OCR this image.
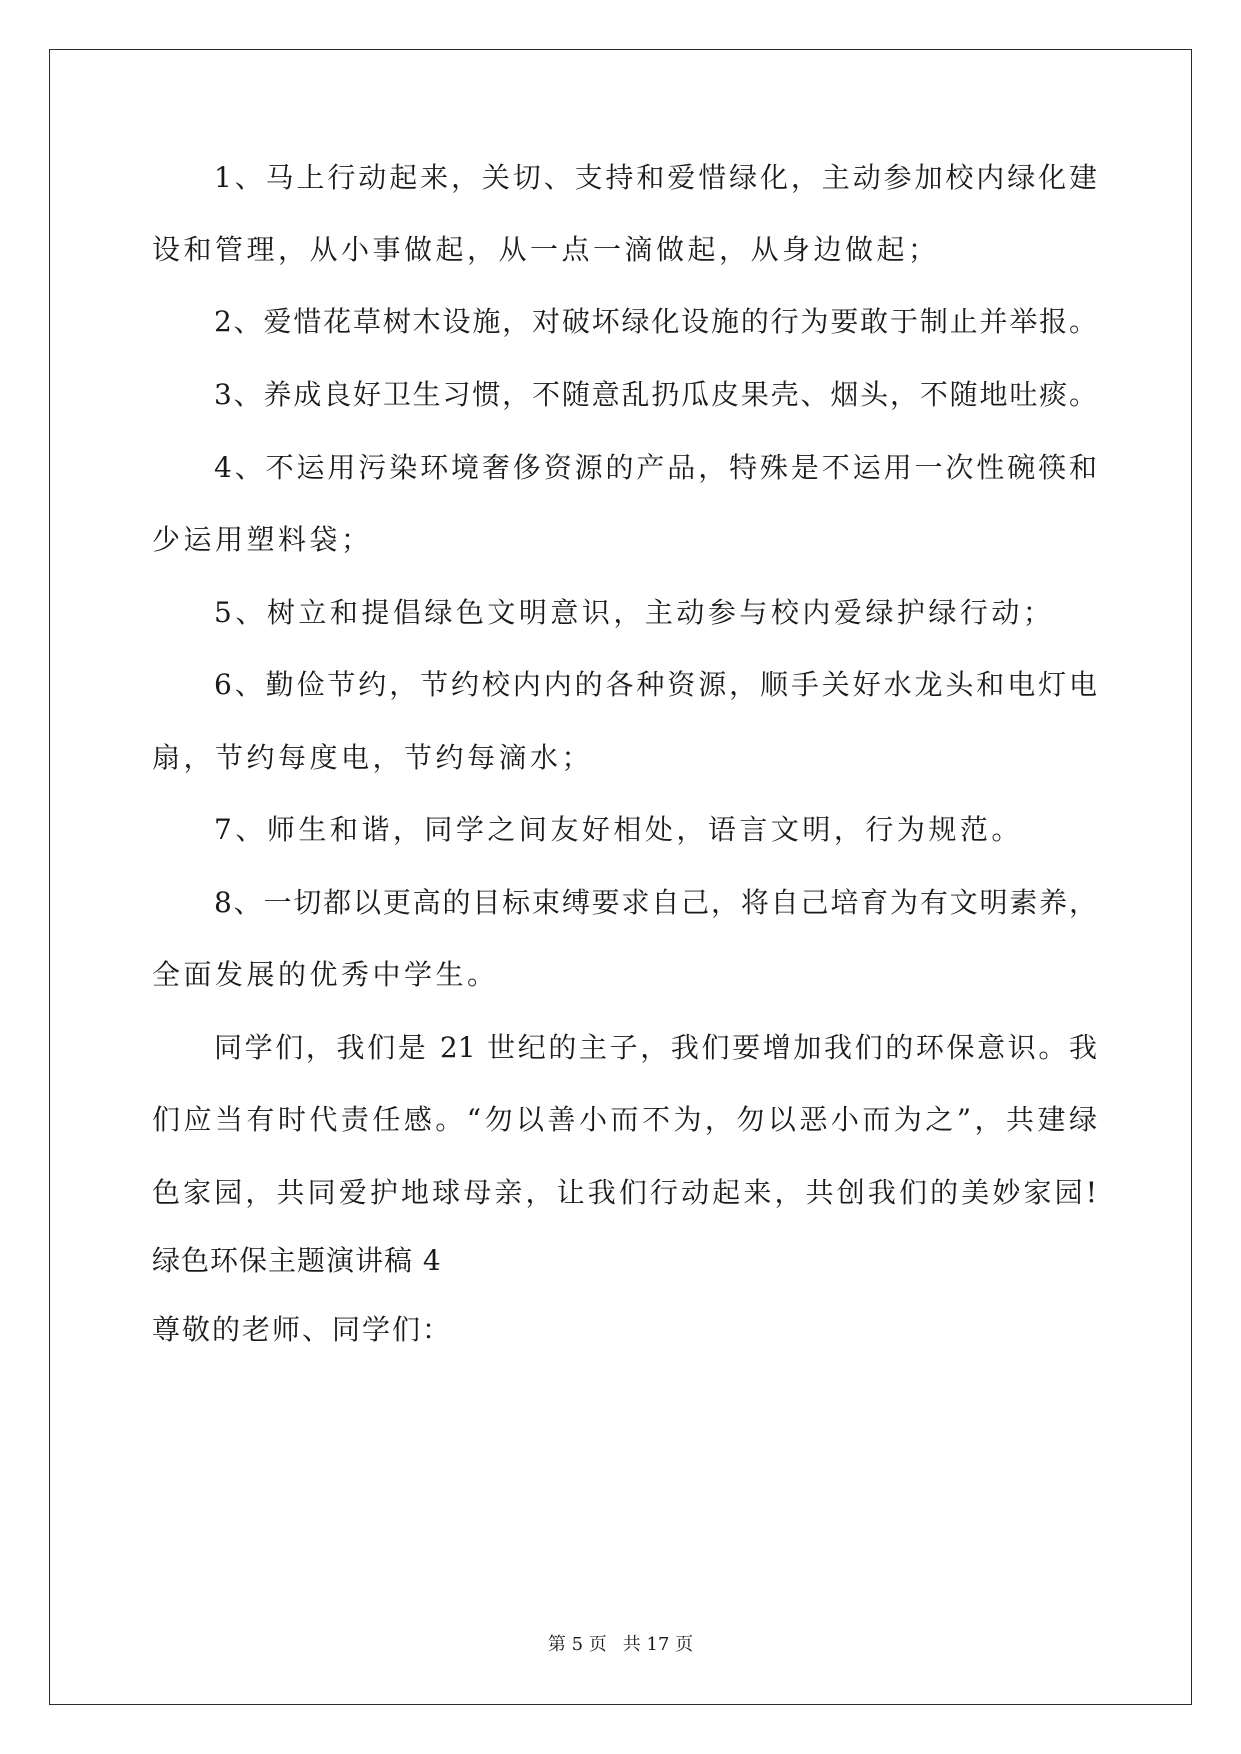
1、马上行动起来，关切、支持和爱惜绿化，主动参加校内绿化建
设和管理，从小事做起，从一点一滴做起，从身边做起；
2、爱惜花草树木设施，对破坏绿化设施的行为要敢于制止并举报。
3、养成良好卫生习惯，不随意乱扔瓜皮果壳、烟头，不随地吐痰。
4、不运用污染环境奢侈资源的产品，特殊是不运用一次性碗筷和
少运用塑料袋；
5、树立和提倡绿色文明意识，主动参与校内爱绿护绿行动；
6、勤俭节约，节约校内内的各种资源，顺手关好水龙头和电灯电
扇，节约每度电，节约每滴水；
7、师生和谐，同学之间友好相处，语言文明，行为规范。
8、一切都以更高的目标束缚要求自己，将自己培育为有文明素养，
全面发展的优秀中学生。
同学们，我们是 21 世纪的主子，我们要增加我们的环保意识。我
们应当有时代责任感。“勿以善小而不为，勿以恶小而为之”，共建绿
色家园，共同爱护地球母亲，让我们行动起来，共创我们的美妙家园!
绿色环保主题演讲稿 4
尊敬的老师、同学们：
第 5 页 共 17 页
